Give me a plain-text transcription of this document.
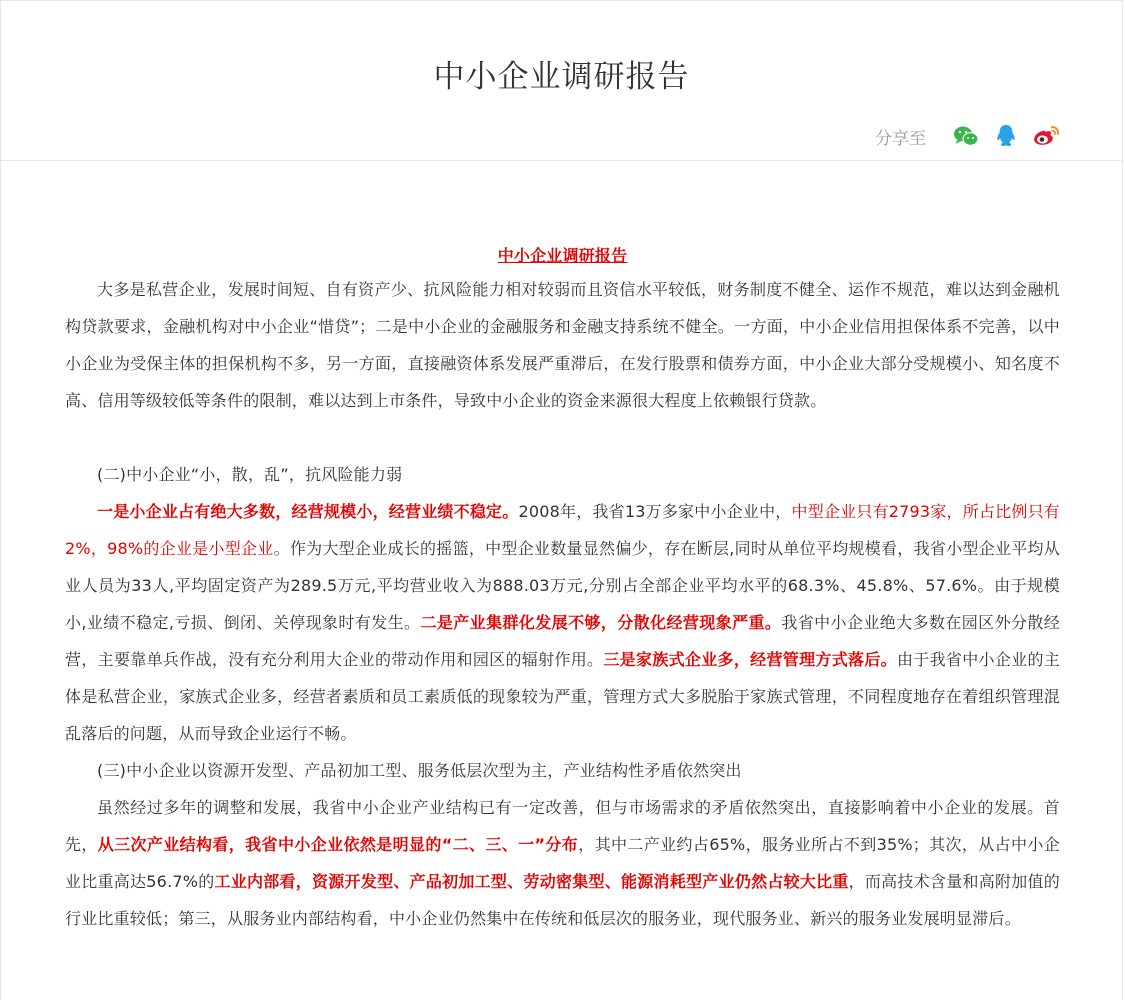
中小企业调研报告
分享至
中小企业调研报告

大多是私营企业，发展时间短、自有资产少、抗风险能力相对较弱而且资信水平较低，财务制度不健全、运作不规范，难以达到金融机构贷款要求，金融机构对中小企业“惜贷”；二是中小企业的金融服务和金融支持系统不健全。一方面，中小企业信用担保体系不完善，以中小企业为受保主体的担保机构不多，另一方面，直接融资体系发展严重滞后，在发行股票和债券方面，中小企业大部分受规模小、知名度不高、信用等级较低等条件的限制，难以达到上市条件，导致中小企业的资金来源很大程度上依赖银行贷款。

(二)中小企业“小，散，乱”，抗风险能力弱

一是小企业占有绝大多数，经营规模小，经营业绩不稳定。2008年，我省13万多家中小企业中，中型企业只有2793家，所占比例只有2%，98%的企业是小型企业。作为大型企业成长的摇篮，中型企业数量显然偏少，存在断层,同时从单位平均规模看，我省小型企业平均从业人员为33人,平均固定资产为289.5万元,平均营业收入为888.03万元,分别占全部企业平均水平的68.3%、45.8%、57.6%。由于规模小,业绩不稳定,亏损、倒闭、关停现象时有发生。二是产业集群化发展不够，分散化经营现象严重。我省中小企业绝大多数在园区外分散经营，主要靠单兵作战，没有充分利用大企业的带动作用和园区的辐射作用。三是家族式企业多，经营管理方式落后。由于我省中小企业的主体是私营企业，家族式企业多，经营者素质和员工素质低的现象较为严重，管理方式大多脱胎于家族式管理，不同程度地存在着组织管理混乱落后的问题，从而导致企业运行不畅。

(三)中小企业以资源开发型、产品初加工型、服务低层次型为主，产业结构性矛盾依然突出

虽然经过多年的调整和发展，我省中小企业产业结构已有一定改善，但与市场需求的矛盾依然突出，直接影响着中小企业的发展。首先，从三次产业结构看，我省中小企业依然是明显的“二、三、一”分布，其中二产业约占65%，服务业所占不到35%；其次，从占中小企业比重高达56.7%的工业内部看，资源开发型、产品初加工型、劳动密集型、能源消耗型产业仍然占较大比重，而高技术含量和高附加值的行业比重较低；第三，从服务业内部结构看，中小企业仍然集中在传统和低层次的服务业，现代服务业、新兴的服务业发展明显滞后。
